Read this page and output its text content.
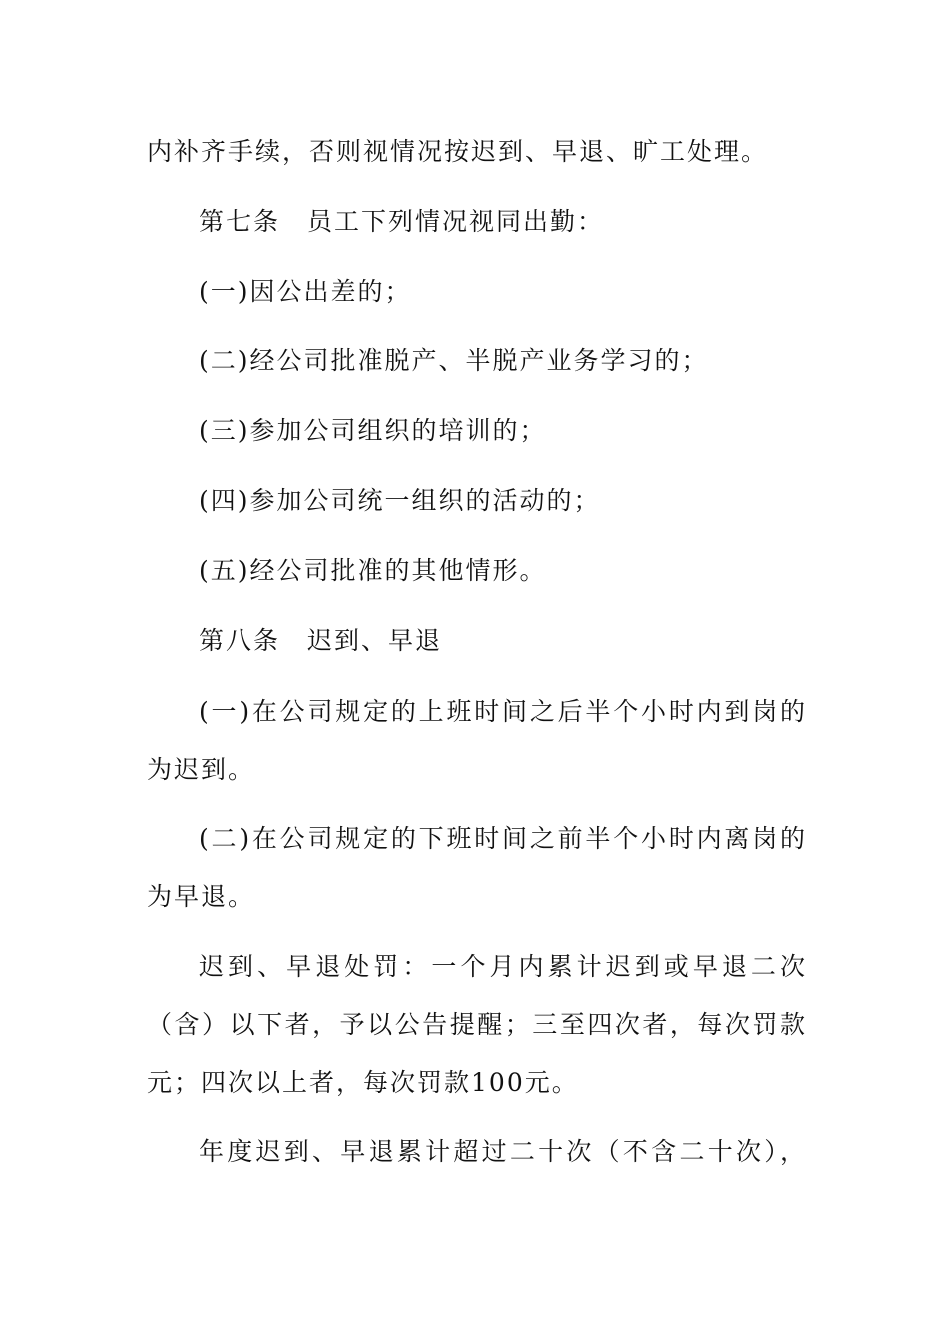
内补齐手续，否则视情况按迟到、早退、旷工处理。
第七条　员工下列情况视同出勤：
(一)因公出差的；
(二)经公司批准脱产、半脱产业务学习的；
(三)参加公司组织的培训的；
(四)参加公司统一组织的活动的；
(五)经公司批准的其他情形。
第八条　迟到、早退
(一)在公司规定的上班时间之后半个小时内到岗的
为迟到。
(二)在公司规定的下班时间之前半个小时内离岗的
为早退。
迟到、早退处罚：一个月内累计迟到或早退二次
（含）以下者，予以公告提醒；三至四次者，每次罚款
元；四次以上者，每次罚款100元。
年度迟到、早退累计超过二十次（不含二十次），
